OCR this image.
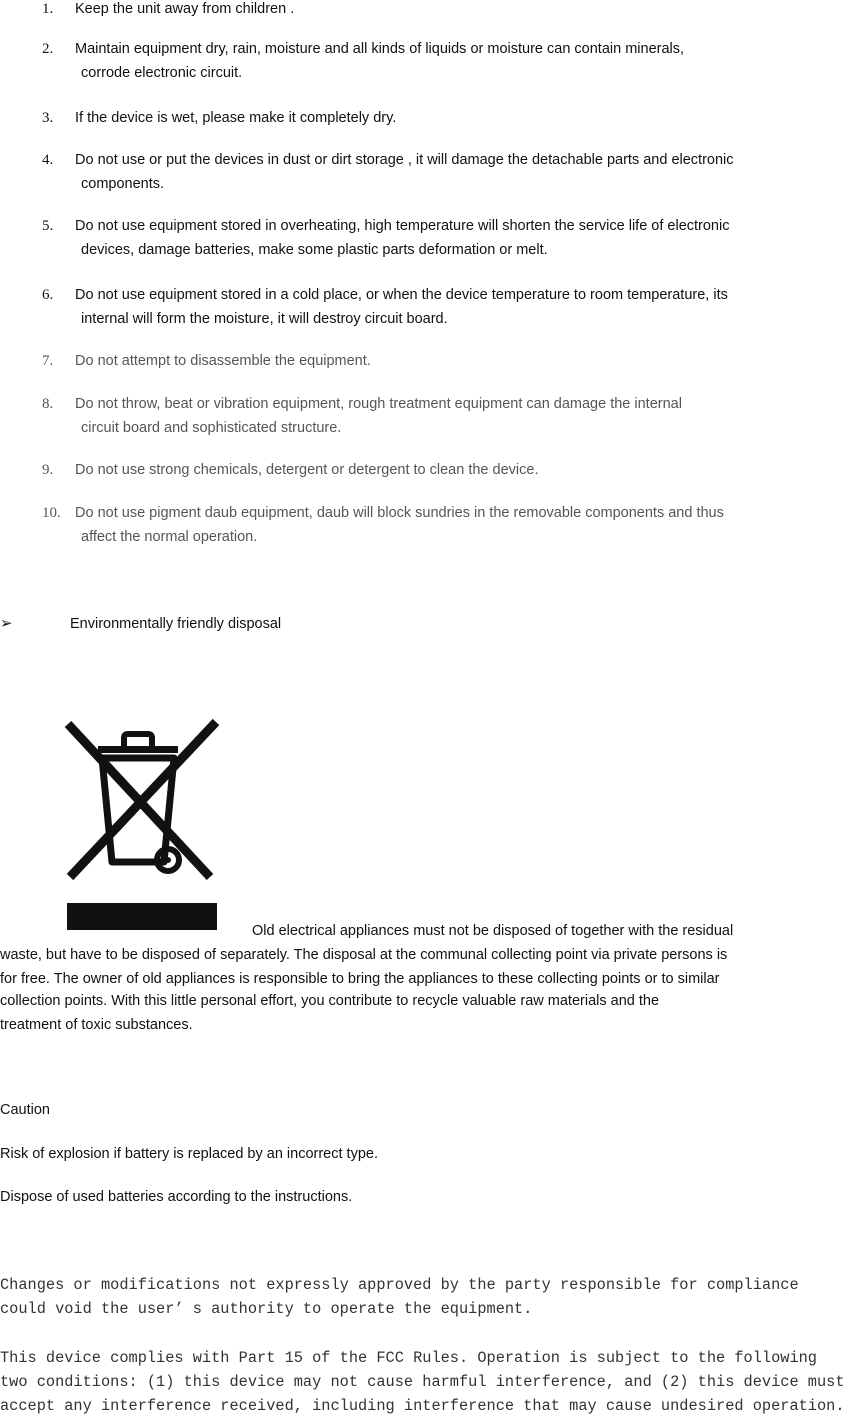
1. Keep the unit away from children .
2. Maintain equipment dry, rain, moisture and all kinds of liquids or moisture can contain minerals,
corrode electronic circuit.
3. If the device is wet, please make it completely dry.
4. Do not use or put the devices in dust or dirt storage , it will damage the detachable parts and electronic
components.
5. Do not use equipment stored in overheating, high temperature will shorten the service life of electronic
devices, damage batteries, make some plastic parts deformation or melt.
6. Do not use equipment stored in a cold place, or when the device temperature to room temperature, its
internal will form the moisture, it will destroy circuit board.
7. Do not attempt to disassemble the equipment.
8. Do not throw, beat or vibration equipment, rough treatment equipment can damage the internal
circuit board and sophisticated structure.
9. Do not use strong chemicals, detergent or detergent to clean the device.
10. Do not use pigment daub equipment, daub will block sundries in the removable components and thus
affect the normal operation.
➢	Environmentally friendly disposal
Old electrical appliances must not be disposed of together with the residual
waste, but have to be disposed of separately. The disposal at the communal collecting point via private persons is
for free. The owner of old appliances is responsible to bring the appliances to these collecting points or to similar
collection points. With this little personal effort, you contribute to recycle valuable raw materials and the
treatment of toxic substances.
Caution
Risk of explosion if battery is replaced by an incorrect type.
Dispose of used batteries according to the instructions.
Changes or modifications not expressly approved by the party responsible for compliance
could void the user’ s authority to operate the equipment.
This device complies with Part 15 of the FCC Rules. Operation is subject to the following
two conditions: (1) this device may not cause harmful interference, and (2) this device must
accept any interference received, including interference that may cause undesired operation.
